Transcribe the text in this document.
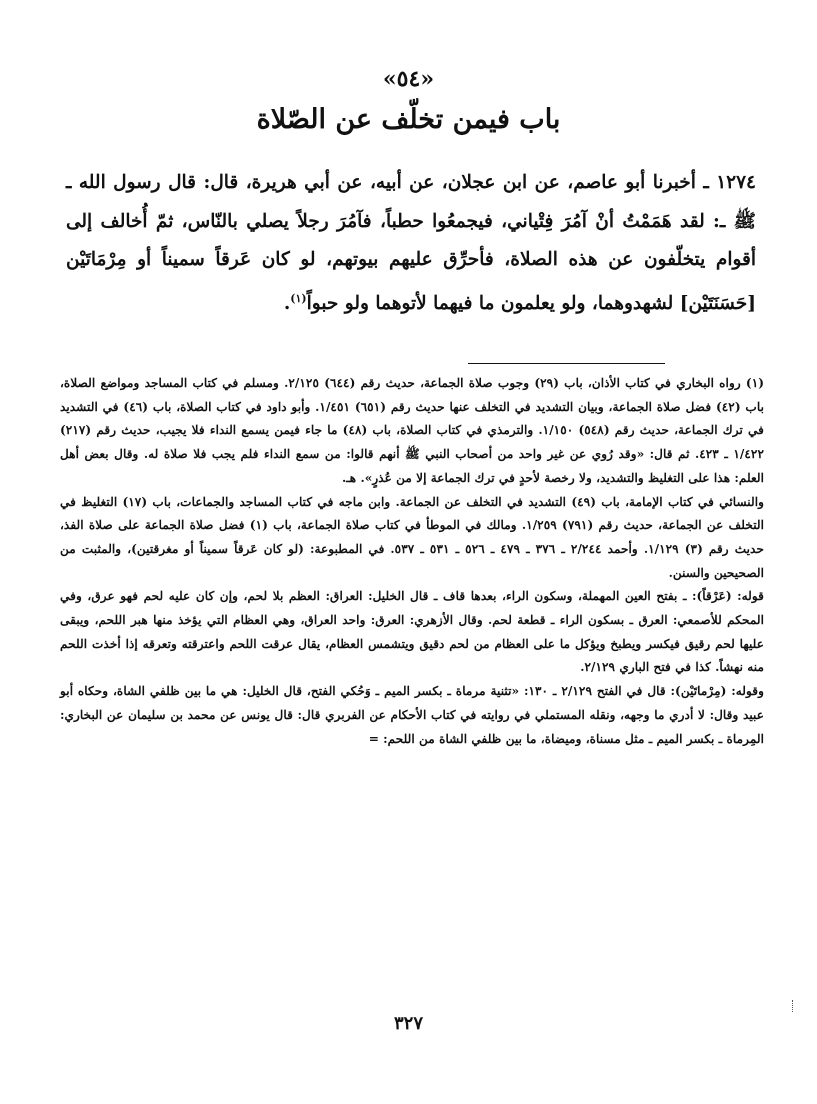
«٥٤»
باب فيمن تخلّف عن الصّلاة
١٢٧٤ ـ أخبرنا أبو عاصم، عن ابن عجلان، عن أبيه، عن أبي هريرة، قال: قال رسول الله ـ ﷺ ـ: لقد هَمَمْتُ أنْ آمُرَ فِتْياني، فيجمعُوا حطباً، فآمُرَ رجلاً يصلي بالنّاس، ثمّ أُخالف إلى أقوام يتخلّفون عن هذه الصلاة، فأحرِّق عليهم بيوتهم، لو كان عَرقاً سميناً أو مِرْمَاتَيْن [حَسَنَتَيْن] لشهدوهما، ولو يعلمون ما فيهما لأتوهما ولو حبواً$^{(١)}$.

(١) رواه البخاري في كتاب الأذان، باب (٢٩) وجوب صلاة الجماعة، حديث رقم (٦٤٤) ٢/١٢٥. ومسلم في كتاب المساجد ومواضع الصلاة، باب (٤٢) فضل صلاة الجماعة، وبيان التشديد في التخلف عنها حديث رقم (٦٥١) ١/٤٥١. وأبو داود في كتاب الصلاة، باب (٤٦) في التشديد في ترك الجماعة، حديث رقم (٥٤٨) ١/١٥٠. والترمذي في كتاب الصلاة، باب (٤٨) ما جاء فيمن يسمع النداء فلا يجيب، حديث رقم (٢١٧) ١/٤٢٢ ـ ٤٢٣. ثم قال: «وقد رُوي عن غير واحد من أصحاب النبي ﷺ أنهم قالوا: من سمع النداء فلم يجب فلا صلاة له. وقال بعض أهل العلم: هذا على التغليظ والتشديد، ولا رخصة لأحدٍ في ترك الجماعة إلا من عُذرٍ». هـ.

والنسائي في كتاب الإمامة، باب (٤٩) التشديد في التخلف عن الجماعة. وابن ماجه في كتاب المساجد والجماعات، باب (١٧) التغليظ في التخلف عن الجماعة، حديث رقم (٧٩١) ١/٢٥٩. ومالك في الموطأ في كتاب صلاة الجماعة، باب (١) فضل صلاة الجماعة على صلاة الفذ، حديث رقم (٣) ١/١٢٩. وأحمد ٢/٢٤٤ ـ ٣٧٦ ـ ٤٧٩ ـ ٥٢٦ ـ ٥٣١ ـ ٥٣٧. في المطبوعة: (لو كان عَرقاً سميناً أو مغرقتين)، والمثبت من الصحيحين والسنن.

قوله: (عَرْقاً): ـ بفتح العين المهملة، وسكون الراء، بعدها قاف ـ قال الخليل: العراق: العظم بلا لحم، وإن كان عليه لحم فهو عرق، وفي المحكم للأصمعي: العرق ـ بسكون الراء ـ قطعة لحم. وقال الأزهري: العرق: واحد العراق، وهي العظام التي يؤخذ منها هبر اللحم، ويبقى عليها لحم رقيق فيكسر ويطبخ ويؤكل ما على العظام من لحم دقيق ويتشمس العظام، يقال عرقت اللحم واعترقته وتعرقه إذا أخذت اللحم منه نهشاً. كذا في فتح الباري ٢/١٢٩.

وقوله: (مِرْماتَيْن): قال في الفتح ٢/١٢٩ ـ ١٣٠: «تثنية مرماة ـ بكسر الميم ـ وَحُكي الفتح، قال الخليل: هي ما بين ظلفي الشاة، وحكاه أبو عبيد وقال: لا أدري ما وجهه، ونقله المستملي في روايته في كتاب الأحكام عن الفربري قال: قال يونس عن محمد بن سليمان عن البخاري: المِرماة ـ بكسر الميم ـ مثل مسناة، وميضاة، ما بين ظلفي الشاة من اللحم: =

٣٢٧
